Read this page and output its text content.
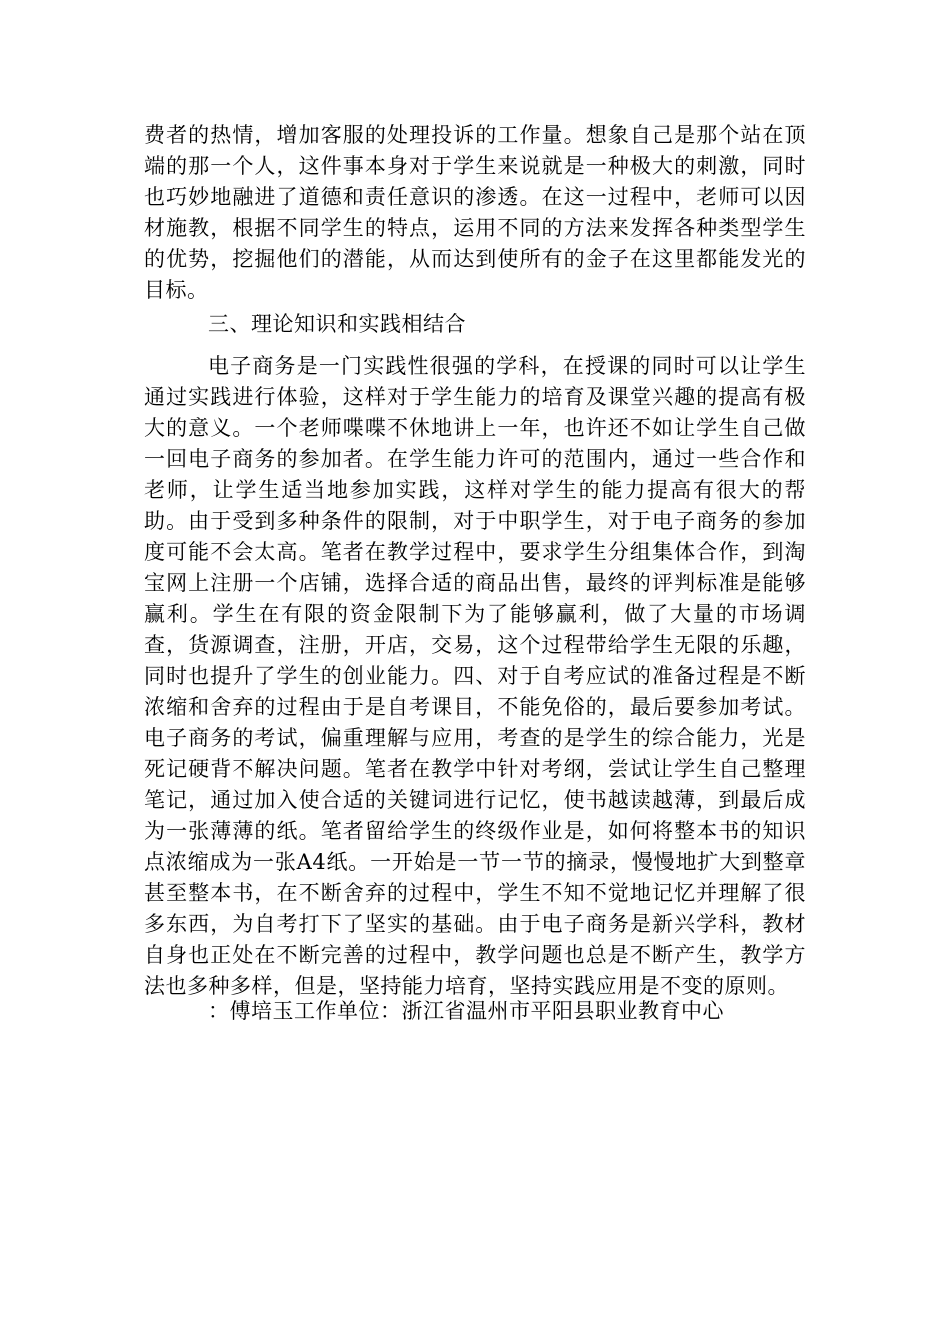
费者的热情，增加客服的处理投诉的工作量。想象自己是那个站在顶端的那一个人，这件事本身对于学生来说就是一种极大的刺激，同时也巧妙地融进了道德和责任意识的渗透。在这一过程中，老师可以因材施教，根据不同学生的特点，运用不同的方法来发挥各种类型学生的优势，挖掘他们的潜能，从而达到使所有的金子在这里都能发光的目标。

三、理论知识和实践相结合

电子商务是一门实践性很强的学科，在授课的同时可以让学生通过实践进行体验，这样对于学生能力的培育及课堂兴趣的提高有极大的意义。一个老师喋喋不休地讲上一年，也许还不如让学生自己做一回电子商务的参加者。在学生能力许可的范围内，通过一些合作和老师，让学生适当地参加实践，这样对学生的能力提高有很大的帮助。由于受到多种条件的限制，对于中职学生，对于电子商务的参加度可能不会太高。笔者在教学过程中，要求学生分组集体合作，到淘宝网上注册一个店铺，选择合适的商品出售，最终的评判标准是能够赢利。学生在有限的资金限制下为了能够赢利，做了大量的市场调查，货源调查，注册，开店，交易，这个过程带给学生无限的乐趣，同时也提升了学生的创业能力。四、对于自考应试的准备过程是不断浓缩和舍弃的过程由于是自考课目，不能免俗的，最后要参加考试。电子商务的考试，偏重理解与应用，考查的是学生的综合能力，光是死记硬背不解决问题。笔者在教学中针对考纲，尝试让学生自己整理笔记，通过加入使合适的关键词进行记忆，使书越读越薄，到最后成为一张薄薄的纸。笔者留给学生的终级作业是，如何将整本书的知识点浓缩成为一张A4纸。一开始是一节一节的摘录，慢慢地扩大到整章甚至整本书，在不断舍弃的过程中，学生不知不觉地记忆并理解了很多东西，为自考打下了坚实的基础。由于电子商务是新兴学科，教材自身也正处在不断完善的过程中，教学问题也总是不断产生，教学方法也多种多样，但是，坚持能力培育，坚持实践应用是不变的原则。

：傅培玉工作单位：浙江省温州市平阳县职业教育中心
